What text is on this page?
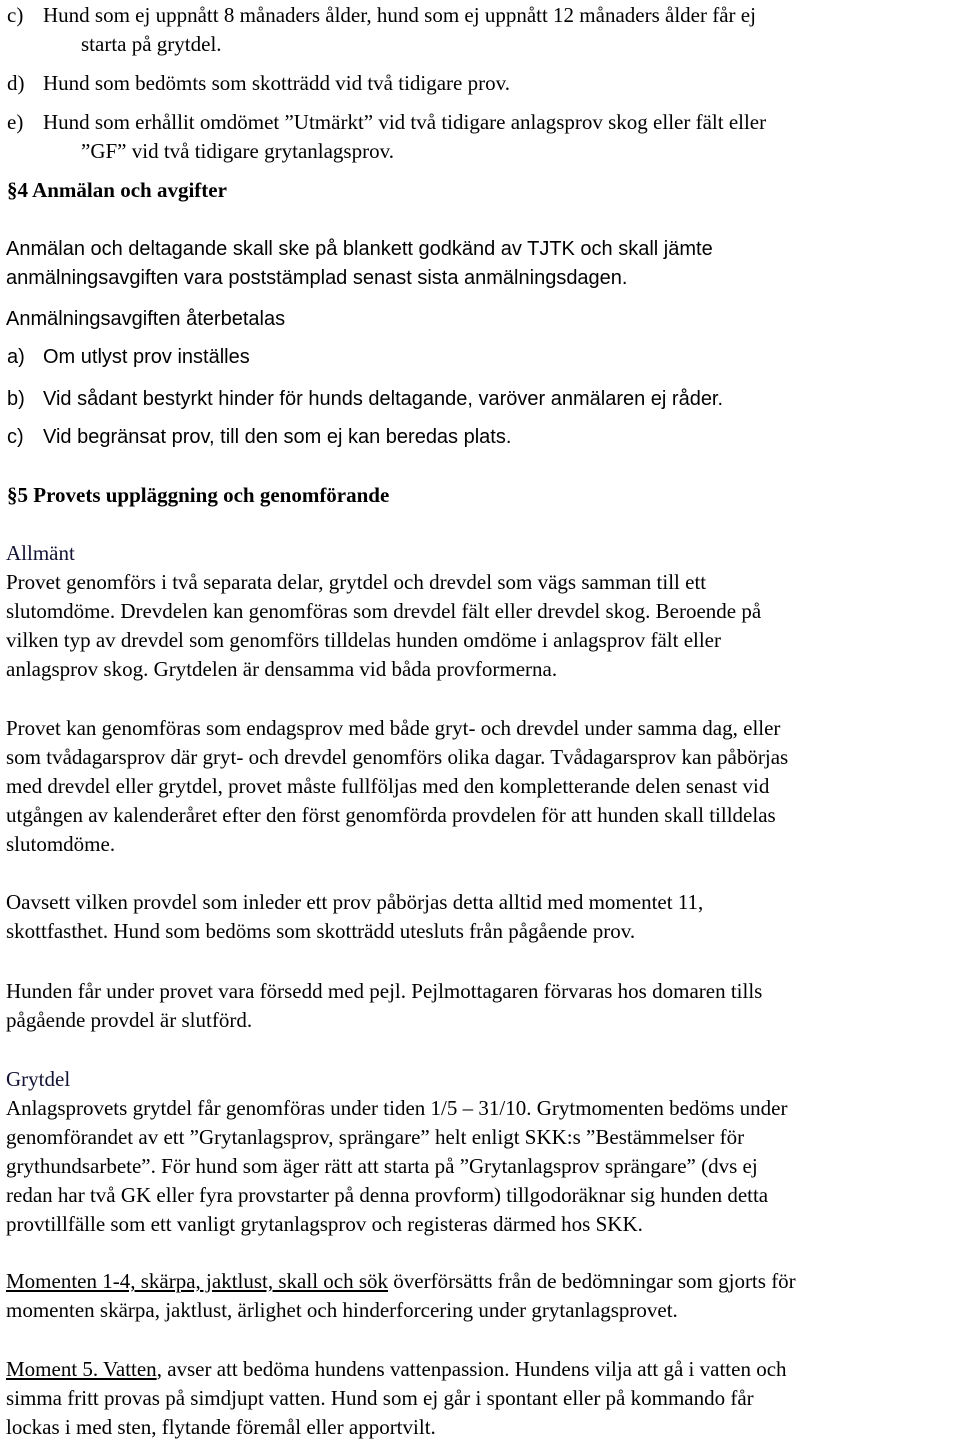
c) Hund som ej uppnått 8 månaders ålder, hund som ej uppnått 12 månaders ålder får ej
starta på grytdel.
d) Hund som bedömts som skotträdd vid två tidigare prov.
e) Hund som erhållit omdömet ”Utmärkt” vid två tidigare anlagsprov skog eller fält eller
”GF” vid två tidigare grytanlagsprov.
§4 Anmälan och avgifter
Anmälan och deltagande skall ske på blankett godkänd av TJTK och skall jämte
anmälningsavgiften vara poststämplad senast sista anmälningsdagen.
Anmälningsavgiften återbetalas
a) Om utlyst prov inställes
b) Vid sådant bestyrkt hinder för hunds deltagande, varöver anmälaren ej råder.
c) Vid begränsat prov, till den som ej kan beredas plats.
§5 Provets uppläggning och genomförande
Allmänt
Provet genomförs i två separata delar, grytdel och drevdel som vägs samman till ett
slutomdöme. Drevdelen kan genomföras som drevdel fält eller drevdel skog. Beroende på
vilken typ av drevdel som genomförs tilldelas hunden omdöme i anlagsprov fält eller
anlagsprov skog. Grytdelen är densamma vid båda provformerna.
Provet kan genomföras som endagsprov med både gryt- och drevdel under samma dag, eller
som tvådagarsprov där gryt- och drevdel genomförs olika dagar. Tvådagarsprov kan påbörjas
med drevdel eller grytdel, provet måste fullföljas med den kompletterande delen senast vid
utgången av kalenderåret efter den först genomförda provdelen för att hunden skall tilldelas
slutomdöme.
Oavsett vilken provdel som inleder ett prov påbörjas detta alltid med momentet 11,
skottfasthet. Hund som bedöms som skotträdd utesluts från pågående prov.
Hunden får under provet vara försedd med pejl. Pejlmottagaren förvaras hos domaren tills
pågående provdel är slutförd.
Grytdel
Anlagsprovets grytdel får genomföras under tiden 1/5 – 31/10. Grytmomenten bedöms under
genomförandet av ett ”Grytanlagsprov, sprängare” helt enligt SKK:s ”Bestämmelser för
grythundsarbete”. För hund som äger rätt att starta på ”Grytanlagsprov sprängare” (dvs ej
redan har två GK eller fyra provstarter på denna provform) tillgodoräknar sig hunden detta
provtillfälle som ett vanligt grytanlagsprov och registeras därmed hos SKK.
Momenten 1-4, skärpa, jaktlust, skall och sök överförsätts från de bedömningar som gjorts för
momenten skärpa, jaktlust, ärlighet och hinderforcering under grytanlagsprovet.
Moment 5. Vatten, avser att bedöma hundens vattenpassion. Hundens vilja att gå i vatten och
simma fritt provas på simdjupt vatten. Hund som ej går i spontant eller på kommando får
lockas i med sten, flytande föremål eller apportvilt.
